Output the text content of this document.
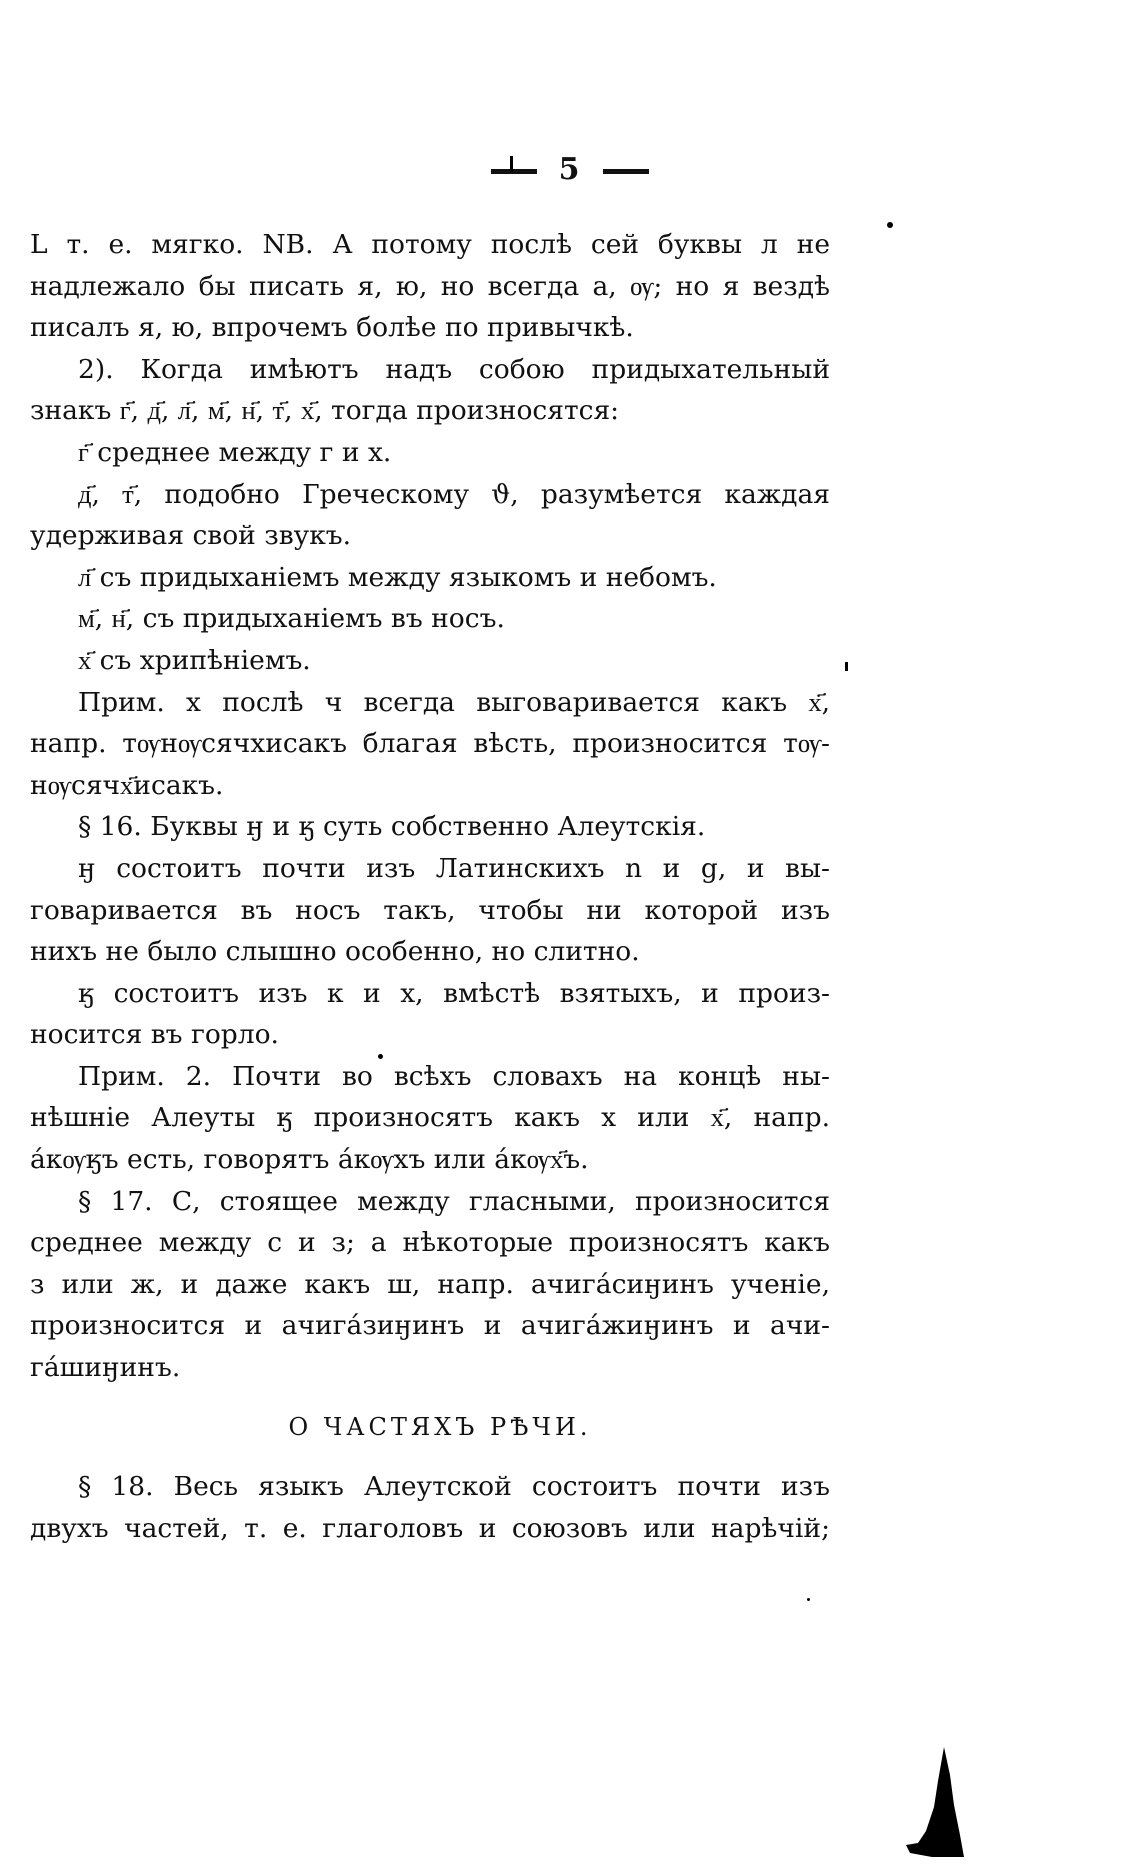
5

L т. е. мягко. NB. А потому послѣ сей буквы л не

надлежало бы писать я, ю, но всегда а, ѹ; но я вездѣ

писалъ я, ю, впрочемъ болѣе по привычкѣ.

2). Когда имѣютъ надъ собою придыхательный

знакъ г҃, д҃, л҃, м҃, н҃, т҃, х҃, тогда произносятся:

г҃ среднее между г и х.

д҃, т҃, подобно Греческому ϑ, разумѣется каждая

удерживая свой звукъ.

л҃ съ придыханіемъ между языкомъ и небомъ.

м҃, н҃, съ придыханіемъ въ носъ.

х҃ съ хрипѣніемъ.

Прим. х послѣ ч всегда выговаривается какъ х҃,

напр. тѹнѹсячхисакъ благая вѣсть, произносится тѹ-

нѹсячх҃исакъ.

§ 16. Буквы ӈ и ӄ суть собственно Алеутскія.

ӈ состоитъ почти изъ Латинскихъ n и g, и вы-

говаривается въ носъ такъ, чтобы ни которой изъ

нихъ не было слышно особенно, но слитно.

ӄ состоитъ изъ к и х, вмѣстѣ взятыхъ, и произ-

носится въ горло.

Прим. 2. Почти во всѣхъ словахъ на концѣ ны-

нѣшніе Алеуты ӄ произносятъ какъ х или х҃, напр.

áкѹӄъ есть, говорятъ áкѹхъ или áкѹх҃ъ.

§ 17. С, стоящее между гласными, произносится

среднее между с и з; а нѣкоторые произносятъ какъ

з или ж, и даже какъ ш, напр. ачигáсиӈинъ ученіе,

произносится и ачигáзиӈинъ и ачигáжиӈинъ и ачи-

гáшиӈинъ.

О ЧАСТЯХЪ РѢЧИ.

§ 18. Весь языкъ Алеутской состоитъ почти изъ

двухъ частей, т. е. глаголовъ и союзовъ или нарѣчій;
